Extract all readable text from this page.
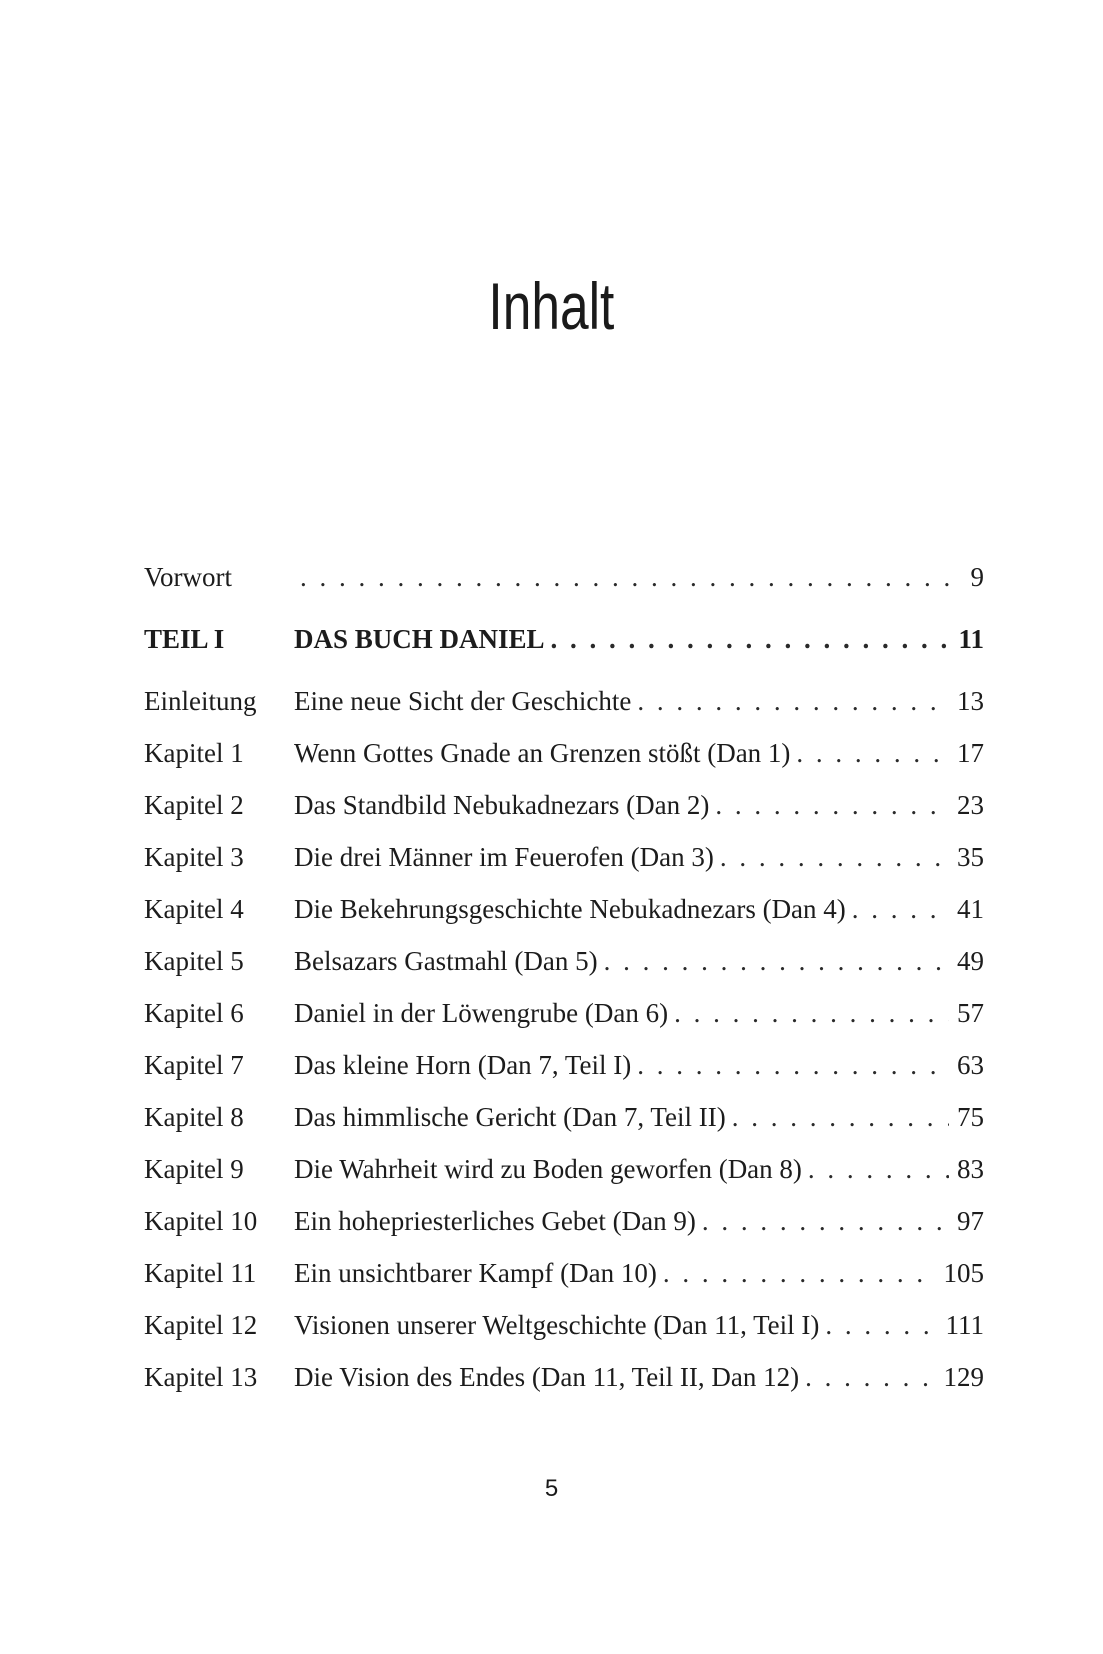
Inhalt
Vorwort . . .	9
TEIL I	DAS BUCH DANIEL . . .	11
Einleitung Eine neue Sicht der Geschichte . . .	13
Kapitel 1 Wenn Gottes Gnade an Grenzen stößt (Dan 1) . . .	17
Kapitel 2 Das Standbild Nebukadnezars (Dan 2) . . .	23
Kapitel 3 Die drei Männer im Feuerofen (Dan 3) . . .	35
Kapitel 4 Die Bekehrungsgeschichte Nebukadnezars (Dan 4) . . .	41
Kapitel 5 Belsazars Gastmahl (Dan 5) . . .	49
Kapitel 6 Daniel in der Löwengrube (Dan 6) . . .	57
Kapitel 7 Das kleine Horn (Dan 7, Teil I) . . .	63
Kapitel 8 Das himmlische Gericht (Dan 7, Teil II) . . .	75
Kapitel 9 Die Wahrheit wird zu Boden geworfen (Dan 8) . . .	83
Kapitel 10 Ein hohepriesterliches Gebet (Dan 9) . . .	97
Kapitel 11 Ein unsichtbarer Kampf (Dan 10) . . .	105
Kapitel 12 Visionen unserer Weltgeschichte (Dan 11, Teil I) . . .	111
Kapitel 13 Die Vision des Endes (Dan 11, Teil II, Dan 12) . . .	129
5
